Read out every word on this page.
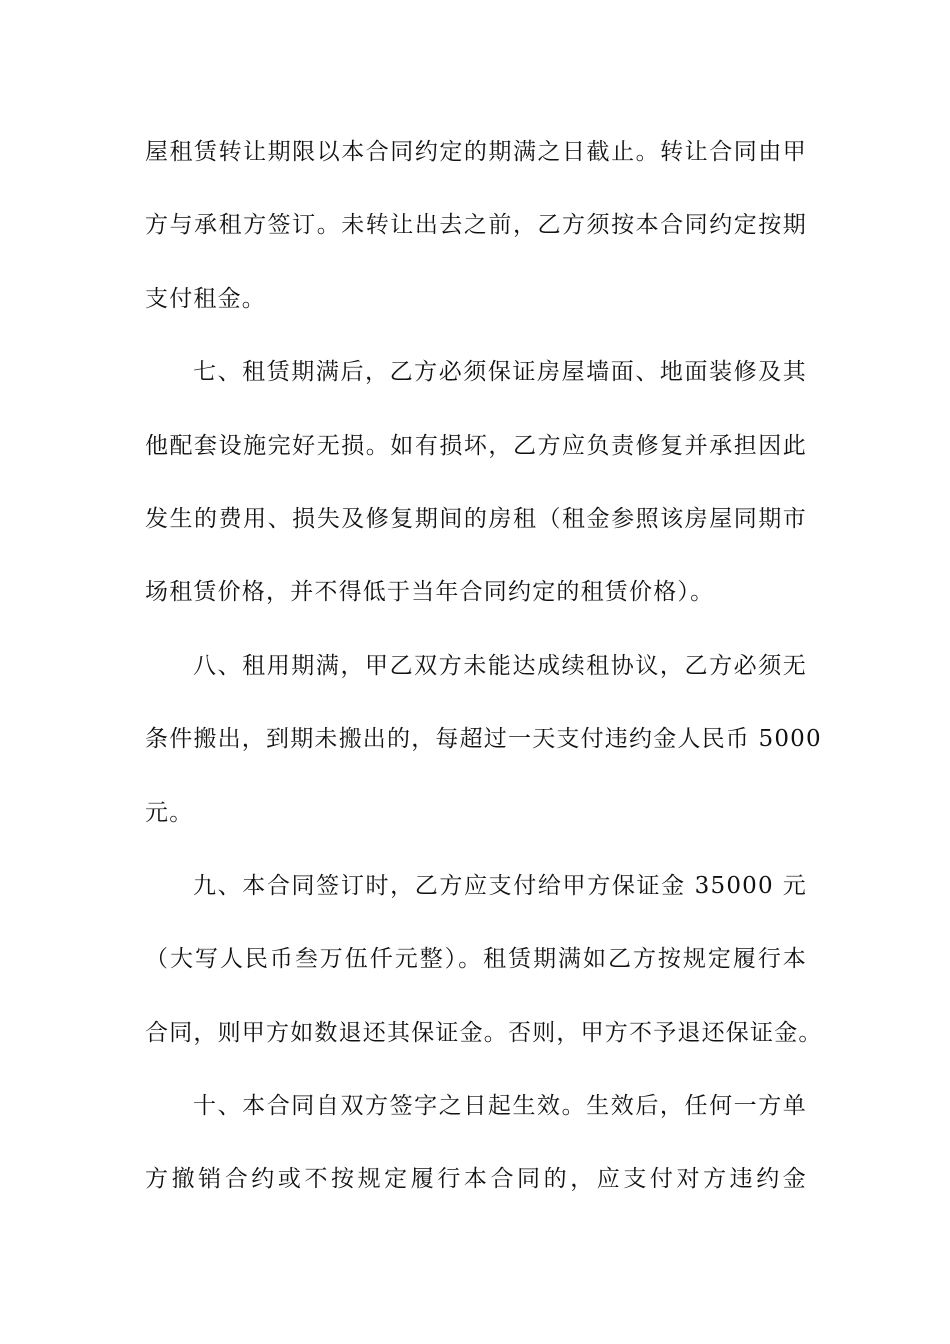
屋租赁转让期限以本合同约定的期满之日截止。转让合同由甲
方与承租方签订。未转让出去之前，乙方须按本合同约定按期
支付租金。
七、租赁期满后，乙方必须保证房屋墙面、地面装修及其
他配套设施完好无损。如有损坏，乙方应负责修复并承担因此
发生的费用、损失及修复期间的房租（租金参照该房屋同期市
场租赁价格，并不得低于当年合同约定的租赁价格）。
八、租用期满，甲乙双方未能达成续租协议，乙方必须无
条件搬出，到期未搬出的，每超过一天支付违约金人民币 5000
元。
九、本合同签订时，乙方应支付给甲方保证金 35000 元
（大写人民币叁万伍仟元整）。租赁期满如乙方按规定履行本
合同，则甲方如数退还其保证金。否则，甲方不予退还保证金。
十、本合同自双方签字之日起生效。生效后，任何一方单
方撤销合约或不按规定履行本合同的，应支付对方违约金
